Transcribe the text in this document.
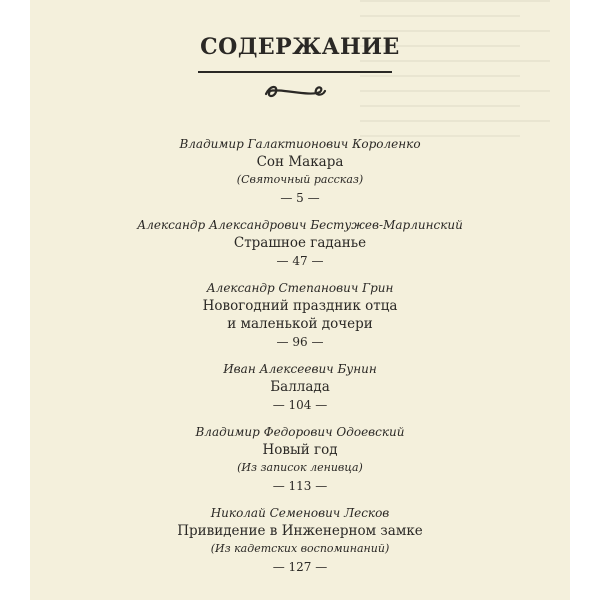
СОДЕРЖАНИЕ
Владимир Галактионович Короленко
Сон Макара
(Святочный рассказ)
— 5 —
Александр Александрович Бестужев-Марлинский
Страшное гаданье
— 47 —
Александр Степанович Грин
Новогодний праздник отца
и маленькой дочери
— 96 —
Иван Алексеевич Бунин
Баллада
— 104 —
Владимир Федорович Одоевский
Новый год
(Из записок ленивца)
— 113 —
Николай Семенович Лесков
Привидение в Инженерном замке
(Из кадетских воспоминаний)
— 127 —
